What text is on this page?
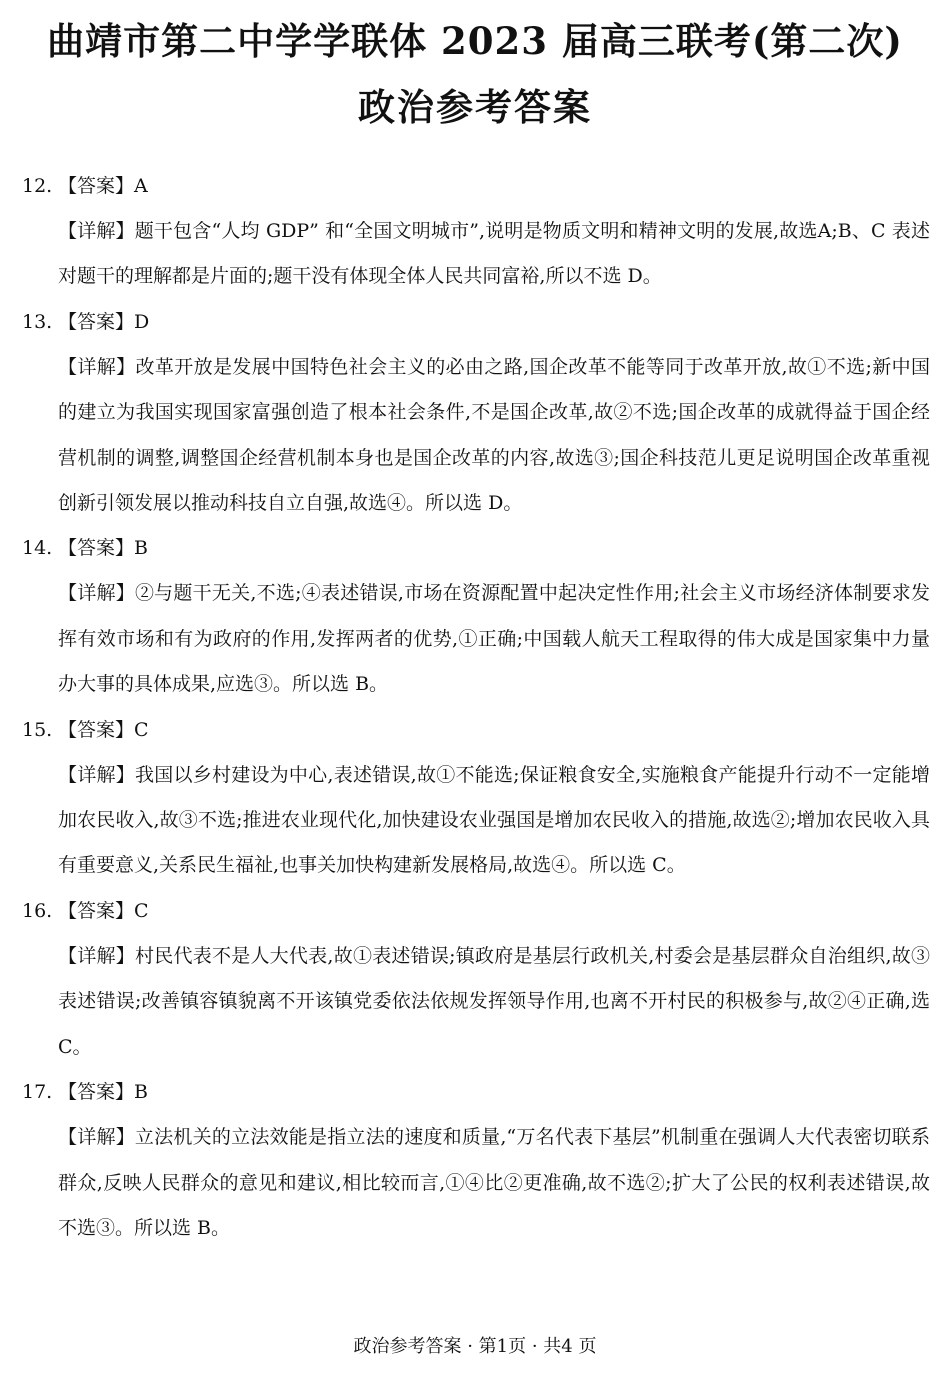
曲靖市第二中学学联体 2023 届高三联考(第二次)
政治参考答案
12. 【答案】A
【详解】题干包含“人均 GDP” 和“全国文明城市”,说明是物质文明和精神文明的发展,故选A;B、C 表述对题干的理解都是片面的;题干没有体现全体人民共同富裕,所以不选 D。
13. 【答案】D
【详解】改革开放是发展中国特色社会主义的必由之路,国企改革不能等同于改革开放,故①不选;新中国的建立为我国实现国家富强创造了根本社会条件,不是国企改革,故②不选;国企改革的成就得益于国企经营机制的调整,调整国企经营机制本身也是国企改革的内容,故选③;国企科技范儿更足说明国企改革重视创新引领发展以推动科技自立自强,故选④。所以选 D。
14. 【答案】B
【详解】②与题干无关,不选;④表述错误,市场在资源配置中起决定性作用;社会主义市场经济体制要求发挥有效市场和有为政府的作用,发挥两者的优势,①正确;中国载人航天工程取得的伟大成是国家集中力量办大事的具体成果,应选③。所以选 B。
15. 【答案】C
【详解】我国以乡村建设为中心,表述错误,故①不能选;保证粮食安全,实施粮食产能提升行动不一定能增加农民收入,故③不选;推进农业现代化,加快建设农业强国是增加农民收入的措施,故选②;增加农民收入具有重要意义,关系民生福祉,也事关加快构建新发展格局,故选④。所以选 C。
16. 【答案】C
【详解】村民代表不是人大代表,故①表述错误;镇政府是基层行政机关,村委会是基层群众自治组织,故③表述错误;改善镇容镇貌离不开该镇党委依法依规发挥领导作用,也离不开村民的积极参与,故②④正确,选 C。
17. 【答案】B
【详解】立法机关的立法效能是指立法的速度和质量,“万名代表下基层”机制重在强调人大代表密切联系群众,反映人民群众的意见和建议,相比较而言,①④比②更准确,故不选②;扩大了公民的权利表述错误,故不选③。所以选 B。
政治参考答案 · 第1页 · 共4 页
